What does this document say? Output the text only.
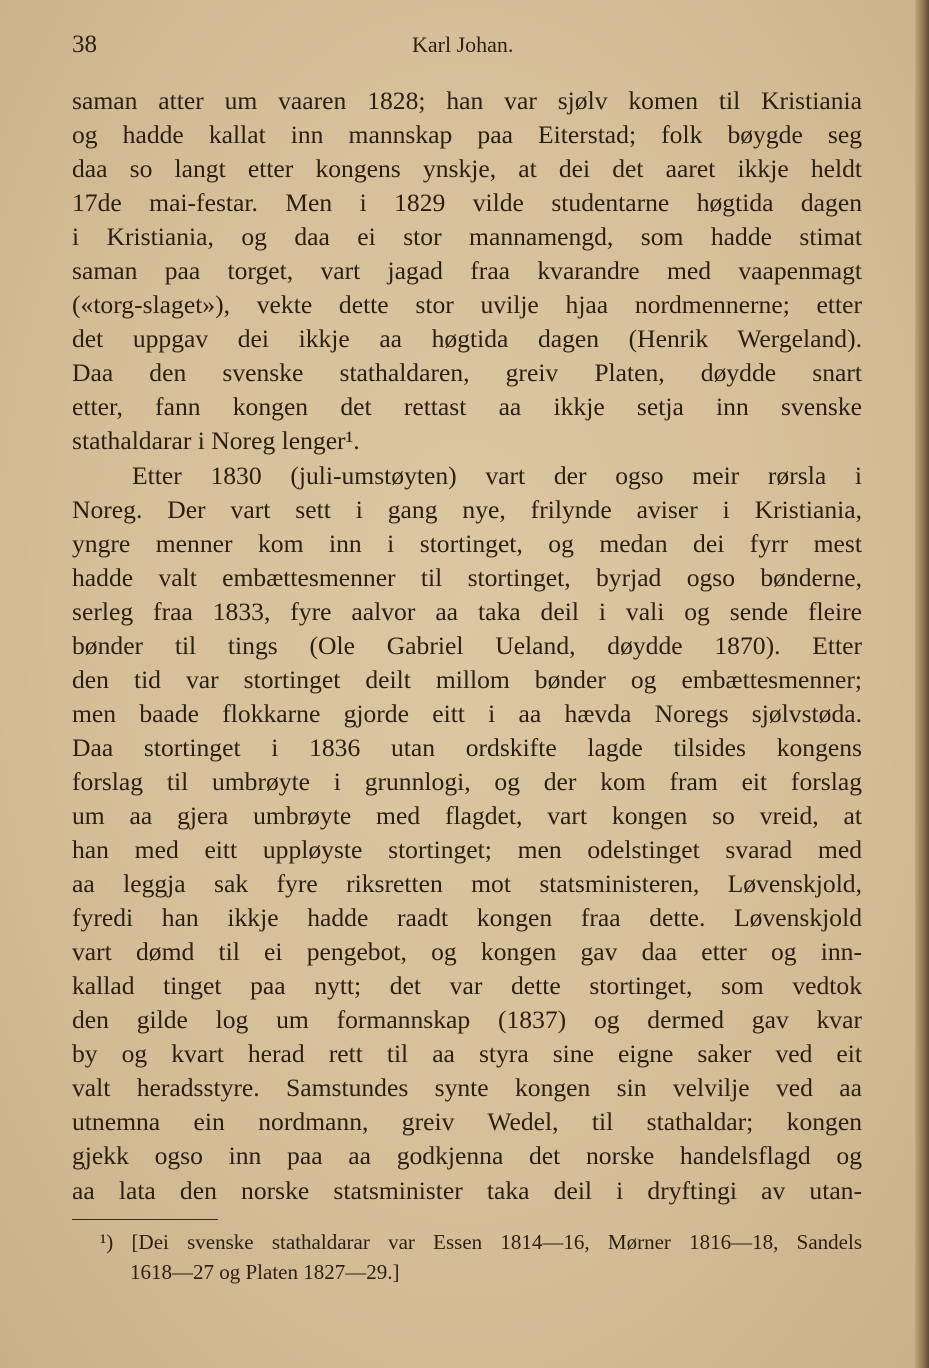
38	Karl Johan.
saman atter um vaaren 1828; han var sjølv komen til Kristiania
og hadde kallat inn mannskap paa Eiterstad; folk bøygde seg
daa so langt etter kongens ynskje, at dei det aaret ikkje heldt
17de mai-festar. Men i 1829 vilde studentarne høgtida dagen
i Kristiania, og daa ei stor mannamengd, som hadde stimat
saman paa torget, vart jagad fraa kvarandre med vaapenmagt
(«torg-slaget»), vekte dette stor uvilje hjaa nordmennerne; etter
det uppgav dei ikkje aa høgtida dagen (Henrik Wergeland).
Daa den svenske stathaldaren, greiv Platen, døydde snart
etter, fann kongen det rettast aa ikkje setja inn svenske
stathaldarar i Noreg lenger¹.
Etter 1830 (juli-umstøyten) vart der ogso meir rørsla i
Noreg. Der vart sett i gang nye, frilynde aviser i Kristiania,
yngre menner kom inn i stortinget, og medan dei fyrr mest
hadde valt embættesmenner til stortinget, byrjad ogso bønderne,
serleg fraa 1833, fyre aalvor aa taka deil i vali og sende fleire
bønder til tings (Ole Gabriel Ueland, døydde 1870). Etter
den tid var stortinget deilt millom bønder og embættesmenner;
men baade flokkarne gjorde eitt i aa hævda Noregs sjølvstøda.
Daa stortinget i 1836 utan ordskifte lagde tilsides kongens
forslag til umbrøyte i grunnlogi, og der kom fram eit forslag
um aa gjera umbrøyte med flagdet, vart kongen so vreid, at
han med eitt uppløyste stortinget; men odelstinget svarad med
aa leggja sak fyre riksretten mot statsministeren, Løvenskjold,
fyredi han ikkje hadde raadt kongen fraa dette. Løvenskjold
vart dømd til ei pengebot, og kongen gav daa etter og inn-
kallad tinget paa nytt; det var dette stortinget, som vedtok
den gilde log um formannskap (1837) og dermed gav kvar
by og kvart herad rett til aa styra sine eigne saker ved eit
valt heradsstyre. Samstundes synte kongen sin velvilje ved aa
utnemna ein nordmann, greiv Wedel, til stathaldar; kongen
gjekk ogso inn paa aa godkjenna det norske handelsflagd og
aa lata den norske statsminister taka deil i dryftingi av utan-
¹) [Dei svenske stathaldarar var Essen 1814—16, Mørner 1816—18, Sandels
1618—27 og Platen 1827—29.]
